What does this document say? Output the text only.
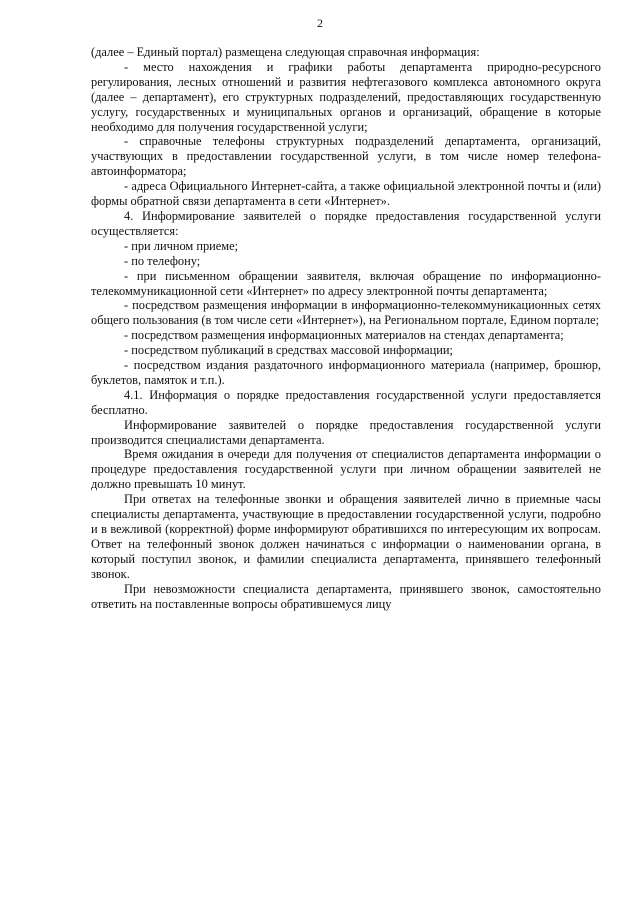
2

(далее – Единый портал) размещена следующая справочная информация:

- место нахождения и графики работы департамента природно-ресурсного регулирования, лесных отношений и развития нефтегазового комплекса автономного округа (далее – департамент), его структурных подразделений, предоставляющих государственную услугу, государственных и муниципальных органов и организаций, обращение в которые необходимо для получения государственной услуги;

- справочные телефоны структурных подразделений департамента, организаций, участвующих в предоставлении государственной услуги, в том числе номер телефона-автоинформатора;

- адреса Официального Интернет-сайта, а также официальной электронной почты и (или) формы обратной связи департамента в сети «Интернет».

4. Информирование заявителей о порядке предоставления государственной услуги осуществляется:

- при личном приеме;

- по телефону;

- при письменном обращении заявителя, включая обращение по информационно-телекоммуникационной сети «Интернет» по адресу электронной почты департамента;

- посредством размещения информации в информационно-телекоммуникационных сетях общего пользования (в том числе сети «Интернет»), на Региональном портале, Едином портале;

- посредством размещения информационных материалов на стендах департамента;

- посредством публикаций в средствах массовой информации;

- посредством издания раздаточного информационного материала (например, брошюр, буклетов, памяток и т.п.).

4.1. Информация о порядке предоставления государственной услуги предоставляется бесплатно.

Информирование заявителей о порядке предоставления государственной услуги производится специалистами департамента.

Время ожидания в очереди для получения от специалистов департамента информации о процедуре предоставления государственной услуги при личном обращении заявителей не должно превышать 10 минут.

При ответах на телефонные звонки и обращения заявителей лично в приемные часы специалисты департамента, участвующие в предоставлении государственной услуги, подробно и в вежливой (корректной) форме информируют обратившихся по интересующим их вопросам. Ответ на телефонный звонок должен начинаться с информации о наименовании органа, в который поступил звонок, и фамилии специалиста департамента, принявшего телефонный звонок.

При невозможности специалиста департамента, принявшего звонок, самостоятельно ответить на поставленные вопросы обратившемуся лицу
